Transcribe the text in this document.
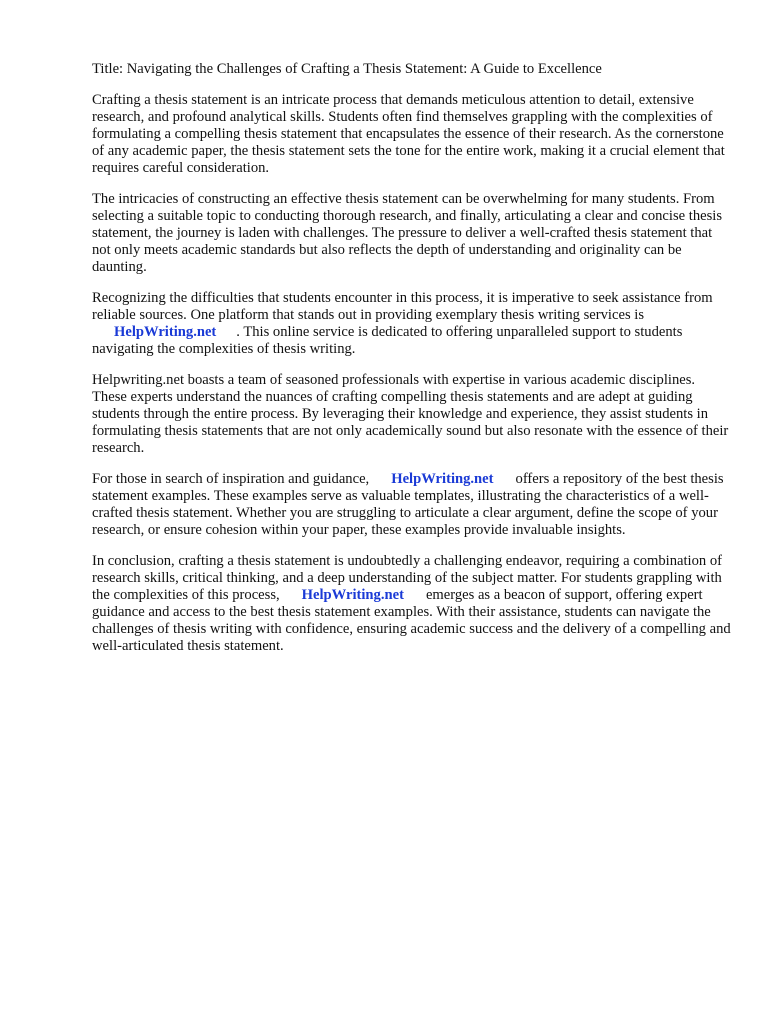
Title: Navigating the Challenges of Crafting a Thesis Statement: A Guide to Excellence

Crafting a thesis statement is an intricate process that demands meticulous attention to detail, extensive research, and profound analytical skills. Students often find themselves grappling with the complexities of formulating a compelling thesis statement that encapsulates the essence of their research. As the cornerstone of any academic paper, the thesis statement sets the tone for the entire work, making it a crucial element that requires careful consideration.

The intricacies of constructing an effective thesis statement can be overwhelming for many students. From selecting a suitable topic to conducting thorough research, and finally, articulating a clear and concise thesis statement, the journey is laden with challenges. The pressure to deliver a well-crafted thesis statement that not only meets academic standards but also reflects the depth of understanding and originality can be daunting.

Recognizing the difficulties that students encounter in this process, it is imperative to seek assistance from reliable sources. One platform that stands out in providing exemplary thesis writing services is
HelpWriting.net . This online service is dedicated to offering unparalleled support to students navigating the complexities of thesis writing.

Helpwriting.net boasts a team of seasoned professionals with expertise in various academic disciplines. These experts understand the nuances of crafting compelling thesis statements and are adept at guiding students through the entire process. By leveraging their knowledge and experience, they assist students in formulating thesis statements that are not only academically sound but also resonate with the essence of their research.

For those in search of inspiration and guidance, HelpWriting.net offers a repository of the best thesis statement examples. These examples serve as valuable templates, illustrating the characteristics of a well-crafted thesis statement. Whether you are struggling to articulate a clear argument, define the scope of your research, or ensure cohesion within your paper, these examples provide invaluable insights.

In conclusion, crafting a thesis statement is undoubtedly a challenging endeavor, requiring a combination of research skills, critical thinking, and a deep understanding of the subject matter. For students grappling with the complexities of this process, HelpWriting.net emerges as a beacon of support, offering expert guidance and access to the best thesis statement examples. With their assistance, students can navigate the challenges of thesis writing with confidence, ensuring academic success and the delivery of a compelling and well-articulated thesis statement.
